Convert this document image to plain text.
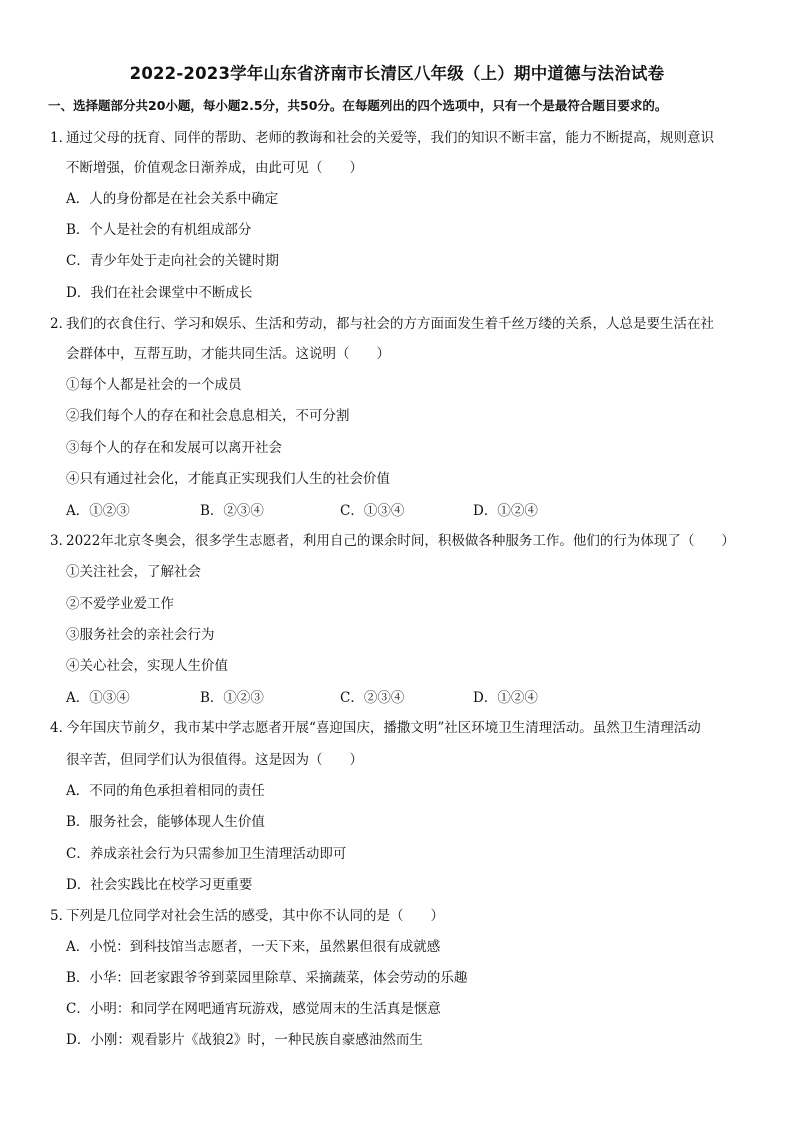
2022-2023学年山东省济南市长清区八年级（上）期中道德与法治试卷
一、选择题部分共20小题，每小题2.5分，共50分。在每题列出的四个选项中，只有一个是最符合题目要求的。
1．通过父母的抚育、同伴的帮助、老师的教诲和社会的关爱等，我们的知识不断丰富，能力不断提高，规则意识
不断增强，价值观念日渐养成，由此可见（　　）
A．人的身份都是在社会关系中确定
B．个人是社会的有机组成部分
C．青少年处于走向社会的关键时期
D．我们在社会课堂中不断成长
2．我们的衣食住行、学习和娱乐、生活和劳动，都与社会的方方面面发生着千丝万缕的关系，人总是要生活在社
会群体中，互帮互助，才能共同生活。这说明（　　）
①每个人都是社会的一个成员
②我们每个人的存在和社会息息相关，不可分割
③每个人的存在和发展可以离开社会
④只有通过社会化，才能真正实现我们人生的社会价值
A．①②③	B．②③④	C．①③④	D．①②④
3．2022年北京冬奥会，很多学生志愿者，利用自己的课余时间，积极做各种服务工作。他们的行为体现了（　　）
①关注社会，了解社会
②不爱学业爱工作
③服务社会的亲社会行为
④关心社会，实现人生价值
A．①③④	B．①②③	C．②③④	D．①②④
4．今年国庆节前夕，我市某中学志愿者开展“喜迎国庆，播撒文明”社区环境卫生清理活动。虽然卫生清理活动
很辛苦，但同学们认为很值得。这是因为（　　）
A．不同的角色承担着相同的责任
B．服务社会，能够体现人生价值
C．养成亲社会行为只需参加卫生清理活动即可
D．社会实践比在校学习更重要
5．下列是几位同学对社会生活的感受，其中你不认同的是（　　）
A．小悦：到科技馆当志愿者，一天下来，虽然累但很有成就感
B．小华：回老家跟爷爷到菜园里除草、采摘蔬菜，体会劳动的乐趣
C．小明：和同学在网吧通宵玩游戏，感觉周末的生活真是惬意
D．小刚：观看影片《战狼2》时，一种民族自豪感油然而生
